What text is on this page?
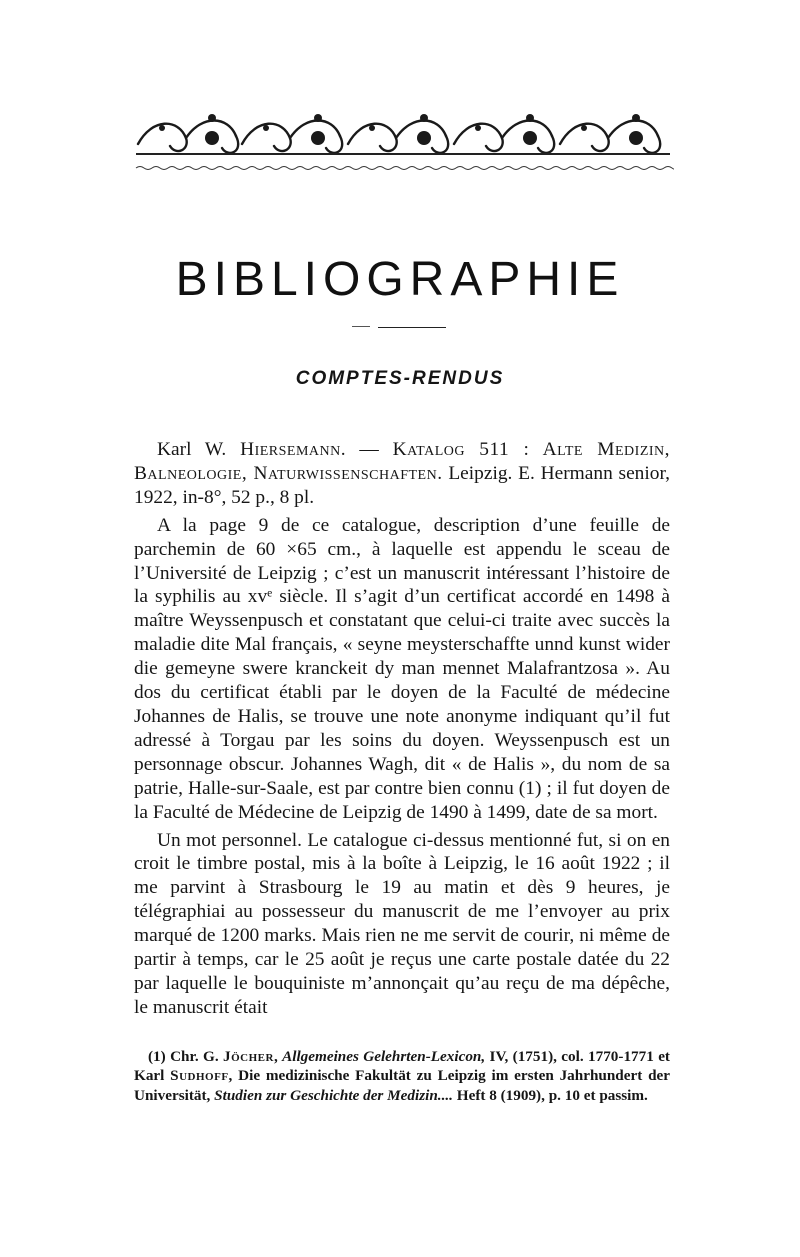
BIBLIOGRAPHIE
COMPTES-RENDUS

Karl W. Hiersemann. — Katalog 511 : Alte Medizin, Balneologie, Naturwissenschaften. Leipzig. E. Hermann senior, 1922, in-8°, 52 p., 8 pl.

A la page 9 de ce catalogue, description d’une feuille de parchemin de 60 ×65 cm., à laquelle est appendu le sceau de l’Université de Leipzig ; c’est un manuscrit intéressant l’histoire de la syphilis au xvᵉ siècle. Il s’agit d’un certificat accordé en 1498 à maître Weyssenpusch et constatant que celui-ci traite avec succès la maladie dite Mal français, « seyne meysterschaffte unnd kunst wider die gemeyne swere kranckeit dy man mennet Malafrantzosa ». Au dos du certificat établi par le doyen de la Faculté de médecine Johannes de Halis, se trouve une note anonyme indiquant qu’il fut adressé à Torgau par les soins du doyen. Weyssenpusch est un personnage obscur. Johannes Wagh, dit « de Halis », du nom de sa patrie, Halle-sur-Saale, est par contre bien connu (1) ; il fut doyen de la Faculté de Médecine de Leipzig de 1490 à 1499, date de sa mort.

Un mot personnel. Le catalogue ci-dessus mentionné fut, si on en croit le timbre postal, mis à la boîte à Leipzig, le 16 août 1922 ; il me parvint à Strasbourg le 19 au matin et dès 9 heures, je télégraphiai au possesseur du manuscrit de me l’envoyer au prix marqué de 1200 marks. Mais rien ne me servit de courir, ni même de partir à temps, car le 25 août je reçus une carte postale datée du 22 par laquelle le bouquiniste m’annonçait qu’au reçu de ma dépêche, le manuscrit était

(1) Chr. G. Jöcher, Allgemeines Gelehrten-Lexicon, IV, (1751), col. 1770-1771 et Karl Sudhoff, Die medizinische Fakultät zu Leipzig im ersten Jahrhundert der Universität, Studien zur Geschichte der Medizin.... Heft 8 (1909), p. 10 et passim.
